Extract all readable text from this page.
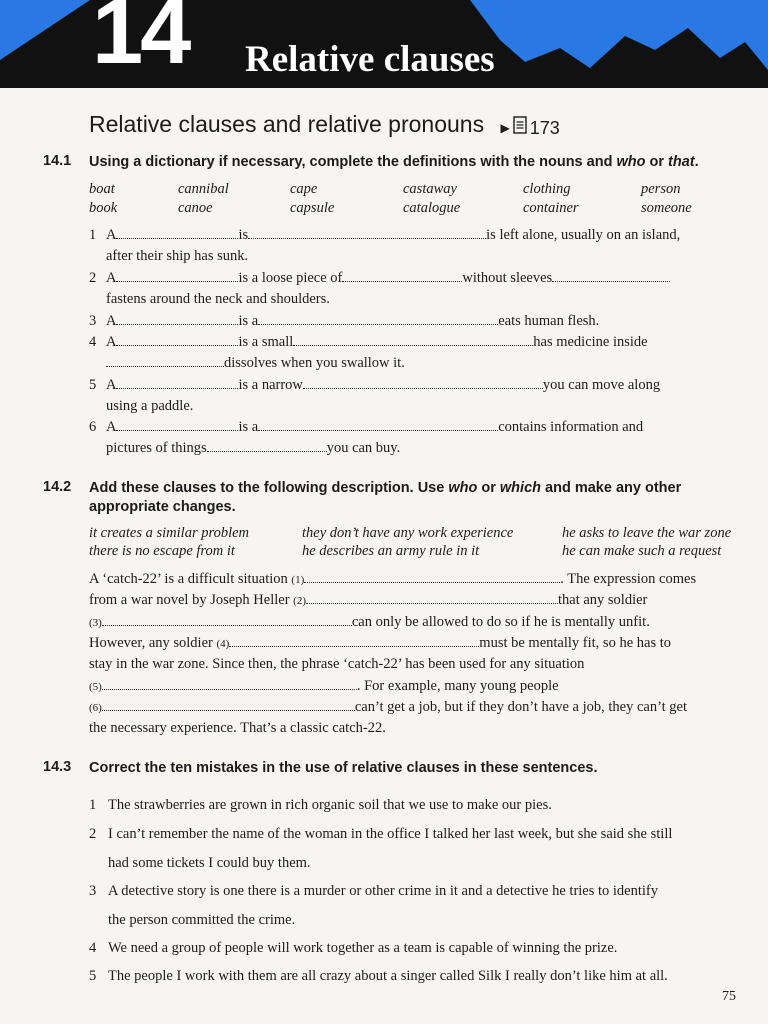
14 Relative clauses
Relative clauses and relative pronouns ▶ 173
14.1 Using a dictionary if necessary, complete the definitions with the nouns and who or that.
boat	cannibal	cape	castaway	clothing	person
book	canoe	capsule	catalogue	container	someone
1 A	is	is left alone, usually on an island,
after their ship has sunk.
2 A	is a loose piece of	without sleeves
fastens around the neck and shoulders.
3 A	is a	eats human flesh.
4 A	is a small	has medicine inside
dissolves when you swallow it.
5 A	is a narrow	you can move along
using a paddle.
6 A	is a	contains information and
pictures of things	you can buy.
14.2 Add these clauses to the following description. Use who or which and make any other appropriate changes.
it creates a similar problem	they don’t have any work experience	he asks to leave the war zone
there is no escape from it	he describes an army rule in it	he can make such a request
A ‘catch-22’ is a difficult situation (1)	. The expression comes
from a war novel by Joseph Heller (2)	that any soldier
(3)	can only be allowed to do so if he is mentally unfit.
However, any soldier (4)	must be mentally fit, so he has to
stay in the war zone. Since then, the phrase ‘catch-22’ has been used for any situation
(5)	. For example, many young people
(6)	can’t get a job, but if they don’t have a job, they can’t get
the necessary experience. That’s a classic catch-22.
14.3 Correct the ten mistakes in the use of relative clauses in these sentences.
1 The strawberries are grown in rich organic soil that we use to make our pies.
2 I can’t remember the name of the woman in the office I talked her last week, but she said she still
had some tickets I could buy them.
3 A detective story is one there is a murder or other crime in it and a detective he tries to identify
the person committed the crime.
4 We need a group of people will work together as a team is capable of winning the prize.
5 The people I work with them are all crazy about a singer called Silk I really don’t like him at all.
75
